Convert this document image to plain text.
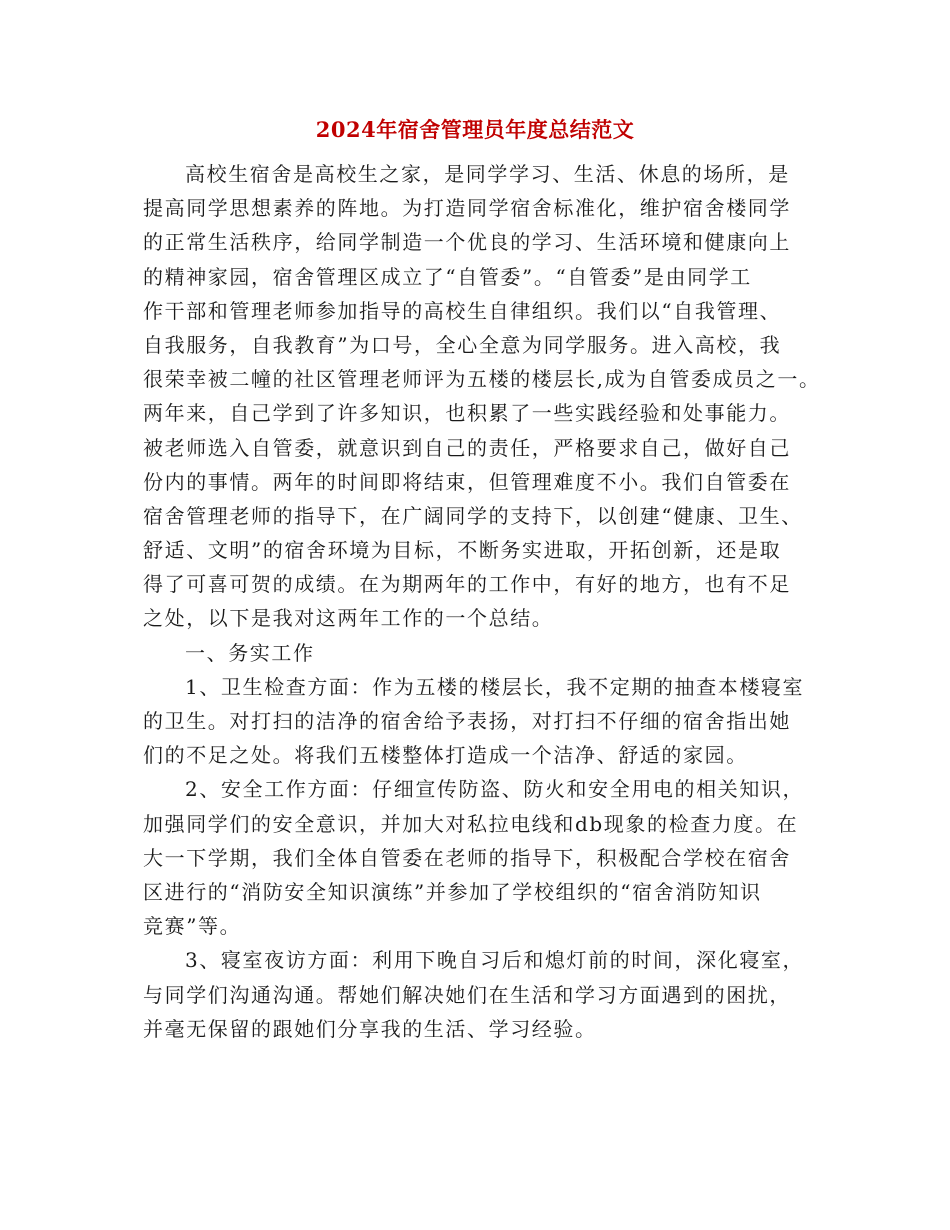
2024年宿舍管理员年度总结范文
高校生宿舍是高校生之家，是同学学习、生活、休息的场所，是
提高同学思想素养的阵地。为打造同学宿舍标准化，维护宿舍楼同学
的正常生活秩序，给同学制造一个优良的学习、生活环境和健康向上
的精神家园，宿舍管理区成立了“自管委”。“自管委”是由同学工
作干部和管理老师参加指导的高校生自律组织。我们以“自我管理、
自我服务，自我教育”为口号，全心全意为同学服务。进入高校，我
很荣幸被二幢的社区管理老师评为五楼的楼层长,成为自管委成员之一。
两年来，自己学到了许多知识，也积累了一些实践经验和处事能力。
被老师选入自管委，就意识到自己的责任，严格要求自己，做好自己
份内的事情。两年的时间即将结束，但管理难度不小。我们自管委在
宿舍管理老师的指导下，在广阔同学的支持下，以创建“健康、卫生、
舒适、文明”的宿舍环境为目标，不断务实进取，开拓创新，还是取
得了可喜可贺的成绩。在为期两年的工作中，有好的地方，也有不足
之处，以下是我对这两年工作的一个总结。
一、务实工作
1、卫生检查方面：作为五楼的楼层长，我不定期的抽查本楼寝室
的卫生。对打扫的洁净的宿舍给予表扬，对打扫不仔细的宿舍指出她
们的不足之处。将我们五楼整体打造成一个洁净、舒适的家园。
2、安全工作方面：仔细宣传防盗、防火和安全用电的相关知识，
加强同学们的安全意识，并加大对私拉电线和db现象的检查力度。在
大一下学期，我们全体自管委在老师的指导下，积极配合学校在宿舍
区进行的“消防安全知识演练”并参加了学校组织的“宿舍消防知识
竞赛”等。
3、寝室夜访方面：利用下晚自习后和熄灯前的时间，深化寝室，
与同学们沟通沟通。帮她们解决她们在生活和学习方面遇到的困扰，
并毫无保留的跟她们分享我的生活、学习经验。
